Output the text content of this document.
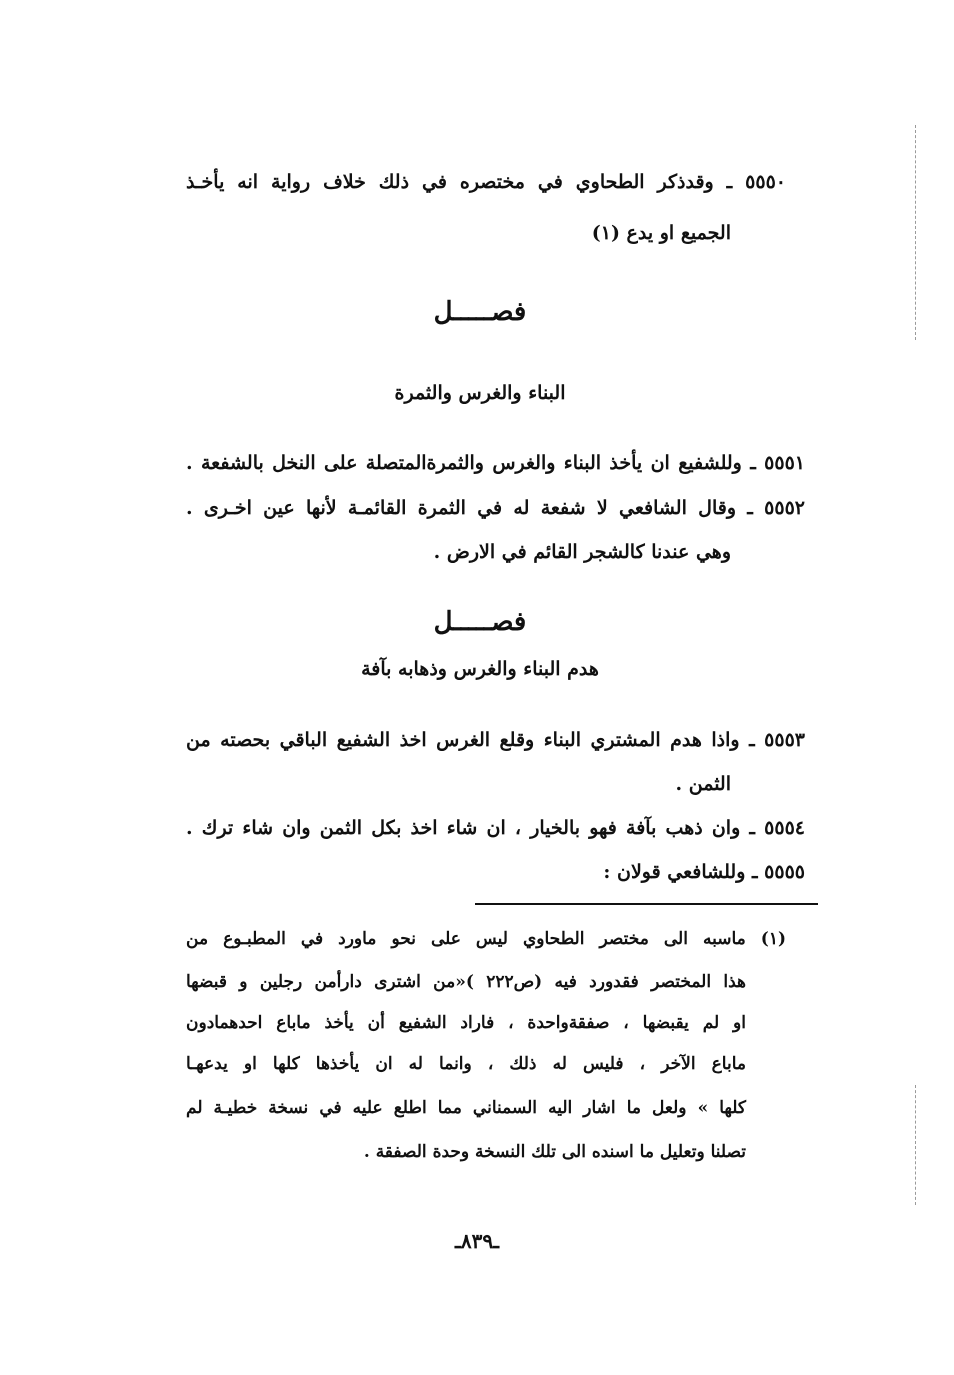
٥٥٥٠ ـ وقدذكر الطحاوي في مختصره في ذلك خلاف رواية انه يأخـذ
الجميع او يدع (١)
فصـــــل
البناء والغرس والثمرة
٥٥٥١ ـ وللشفيع ان يأخذ البناء والغرس والثمرةالمتصلة على النخل بالشفعة .
٥٥٥٢ ـ وقال الشافعي لا شفعة له في الثمرة القائمـة لأنها عين اخـرى .
وهي عندنا كالشجر القائم في الارض .
فصـــــل
هدم البناء والغرس وذهابه بآفة
٥٥٥٣ ـ واذا هدم المشتري البناء وقلع الغرس اخذ الشفيع الباقي بحصته من
الثمن .
٥٥٥٤ ـ وان ذهب بآفة فهو بالخيار ، ان شاء اخذ بكل الثمن وان شاء ترك .
٥٥٥٥ ـ وللشافعي قولان :
(١) ماسبه الى مختصر الطحاوي ليس على نحو ماورد في المطبـوع من
هذا المختصر فقدورد فيه (ص٢٢٢ )«من اشترى دارأمن رجلين و قبضها
او لم يقبضها ، صفقةواحدة ، فاراد الشفيع أن يأخذ ماباع احدهمادون
ماباع الآخر ، فليس له ذلك ، وانما له ان يأخذها كلها او يدعهـا
كلها » ولعل ما اشار اليه السمناني مما اطلع عليه في نسخة خطيـة لم
تصلنا وتعليل ما اسنده الى تلك النسخة وحدة الصفقة .
ـ٨٣٩ـ
